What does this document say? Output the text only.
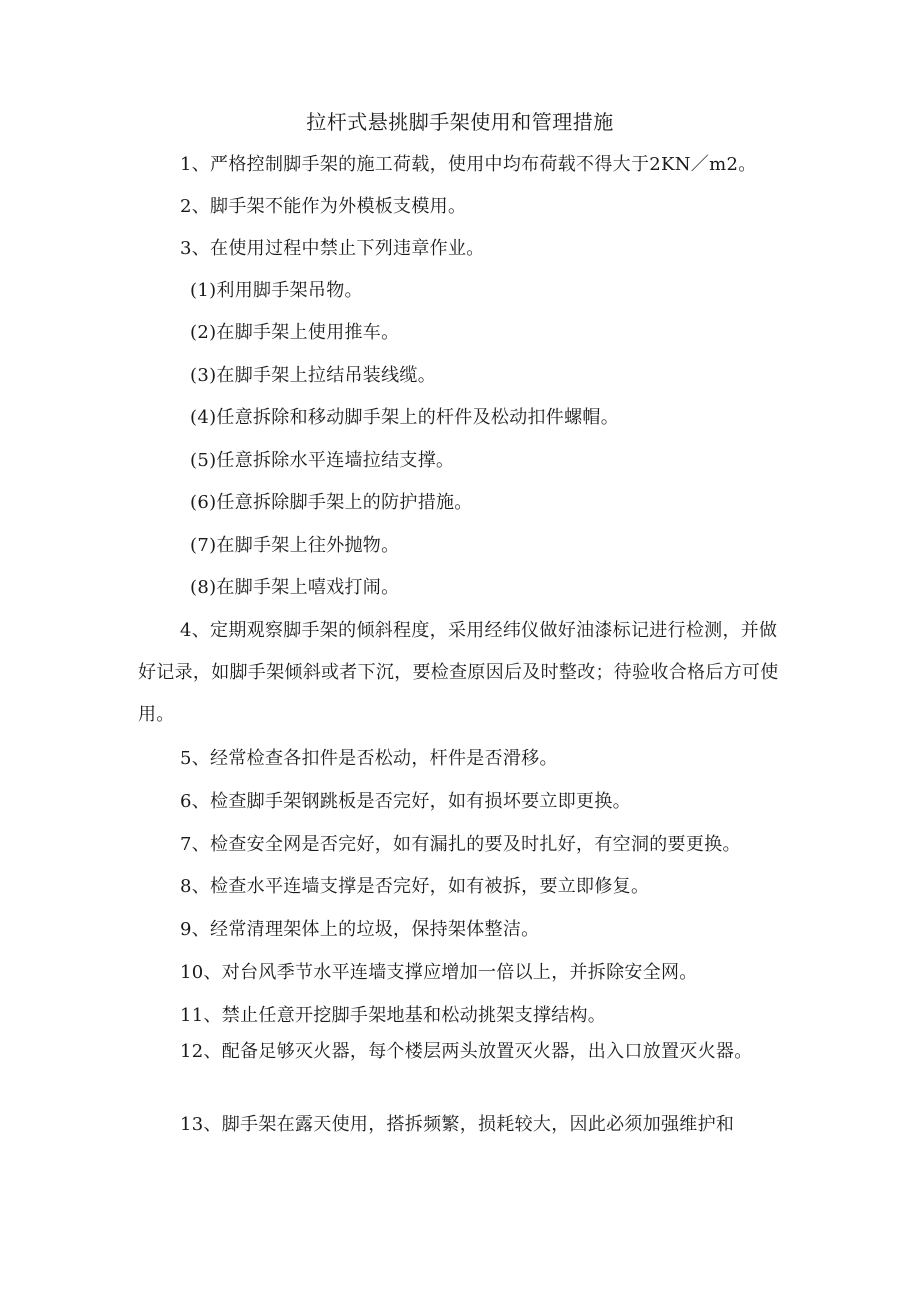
拉杆式悬挑脚手架使用和管理措施

1、严格控制脚手架的施工荷载，使用中均布荷载不得大于2KN／m2。

2、脚手架不能作为外模板支模用。

3、在使用过程中禁止下列违章作业。

(1)利用脚手架吊物。

(2)在脚手架上使用推车。

(3)在脚手架上拉结吊装线缆。

(4)任意拆除和移动脚手架上的杆件及松动扣件螺帽。

(5)任意拆除水平连墙拉结支撑。

(6)任意拆除脚手架上的防护措施。

(7)在脚手架上往外抛物。

(8)在脚手架上嘻戏打闹。

4、定期观察脚手架的倾斜程度，采用经纬仪做好油漆标记进行检测，并做好记录，如脚手架倾斜或者下沉，要检查原因后及时整改；待验收合格后方可使用。

5、经常检查各扣件是否松动，杆件是否滑移。

6、检查脚手架钢跳板是否完好，如有损坏要立即更换。

7、检查安全网是否完好，如有漏扎的要及时扎好，有空洞的要更换。

8、检查水平连墙支撑是否完好，如有被拆，要立即修复。

9、经常清理架体上的垃圾，保持架体整洁。

10、对台风季节水平连墙支撑应增加一倍以上，并拆除安全网。

11、禁止任意开挖脚手架地基和松动挑架支撑结构。

12、配备足够灭火器，每个楼层两头放置灭火器，出入口放置灭火器。

13、脚手架在露天使用，搭拆频繁，损耗较大，因此必须加强维护和
